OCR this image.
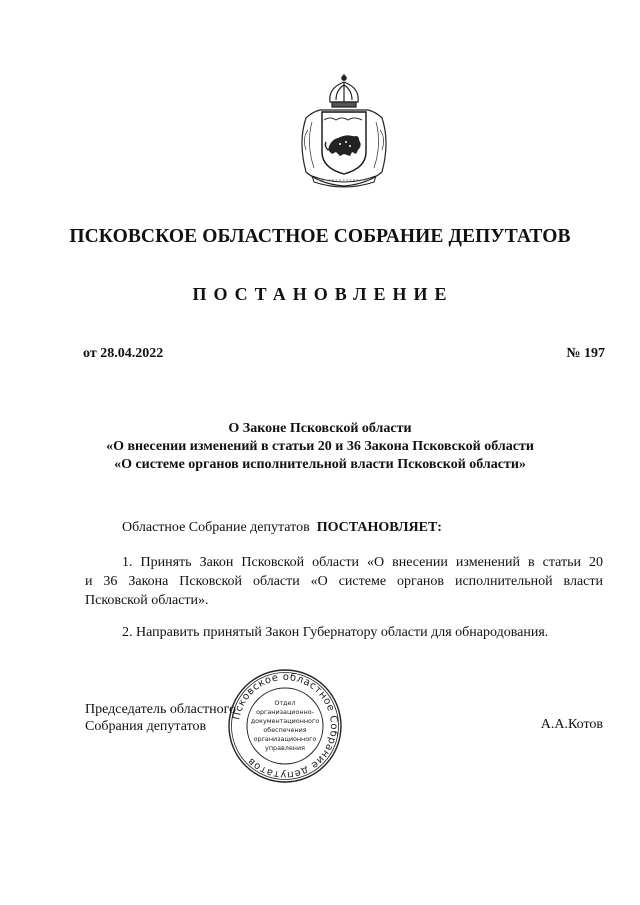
ПСКОВСКОЕ ОБЛАСТНОЕ СОБРАНИЕ ДЕПУТАТОВ
ПОСТАНОВЛЕНИЕ
от 28.04.2022	№ 197
О Законе Псковской области
«О внесении изменений в статьи 20 и 36 Закона Псковской области
«О системе органов исполнительной власти Псковской области»
Областное Собрание депутатов ПОСТАНОВЛЯЕТ:
1. Принять Закон Псковской области «О внесении изменений в статьи 20
и 36 Закона Псковской области «О системе органов исполнительной власти
Псковской области».
2. Направить принятый Закон Губернатору области для обнародования.
Председатель областного
Собрания депутатов	А.А.Котов
Псковское областное Собрание депутатов
Отдел
организационно-
документационного
обеспечения
организационного
управления
